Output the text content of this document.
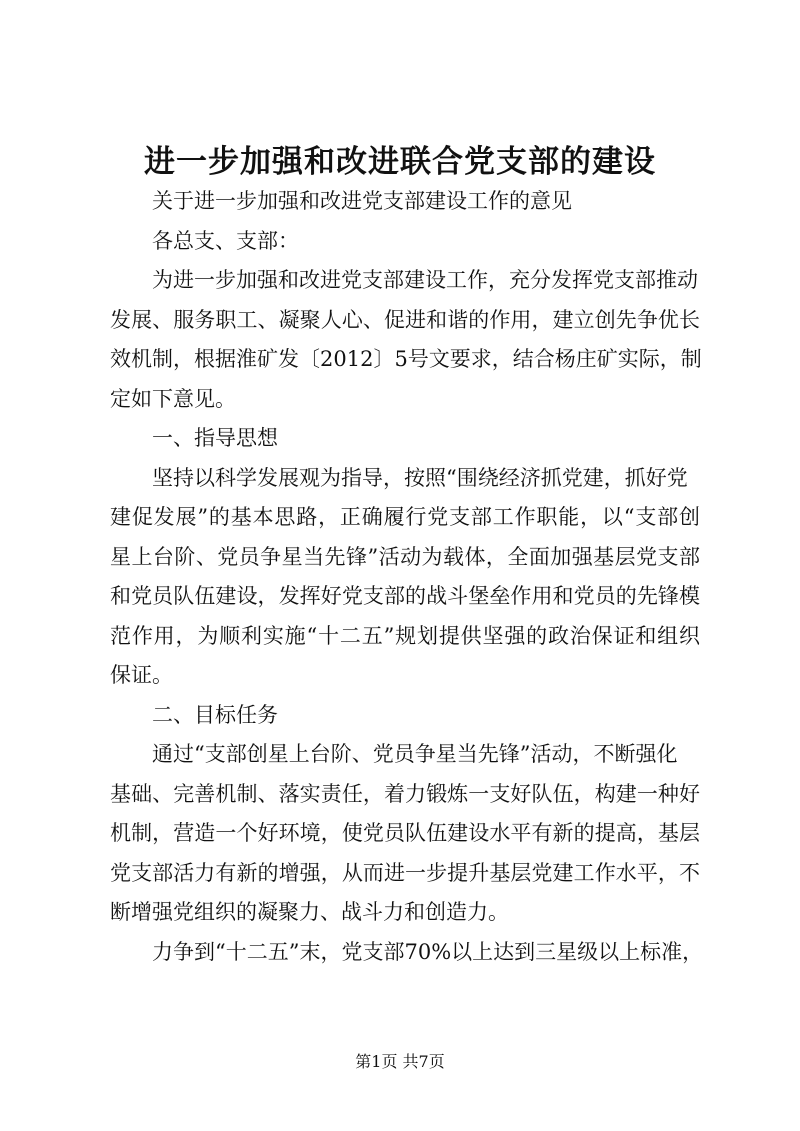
进一步加强和改进联合党支部的建设

关于进一步加强和改进党支部建设工作的意见

各总支、支部：

为进一步加强和改进党支部建设工作，充分发挥党支部推动

发展、服务职工、凝聚人心、促进和谐的作用，建立创先争优长

效机制，根据淮矿发〔2012〕5号文要求，结合杨庄矿实际，制

定如下意见。

一、指导思想

坚持以科学发展观为指导，按照“围绕经济抓党建，抓好党

建促发展”的基本思路，正确履行党支部工作职能，以“支部创

星上台阶、党员争星当先锋”活动为载体，全面加强基层党支部

和党员队伍建设，发挥好党支部的战斗堡垒作用和党员的先锋模

范作用，为顺利实施“十二五”规划提供坚强的政治保证和组织

保证。

二、目标任务

通过“支部创星上台阶、党员争星当先锋”活动，不断强化

基础、完善机制、落实责任，着力锻炼一支好队伍，构建一种好

机制，营造一个好环境，使党员队伍建设水平有新的提高，基层

党支部活力有新的增强，从而进一步提升基层党建工作水平，不

断增强党组织的凝聚力、战斗力和创造力。

力争到“十二五”末，党支部70%以上达到三星级以上标准，

第1页 共7页
